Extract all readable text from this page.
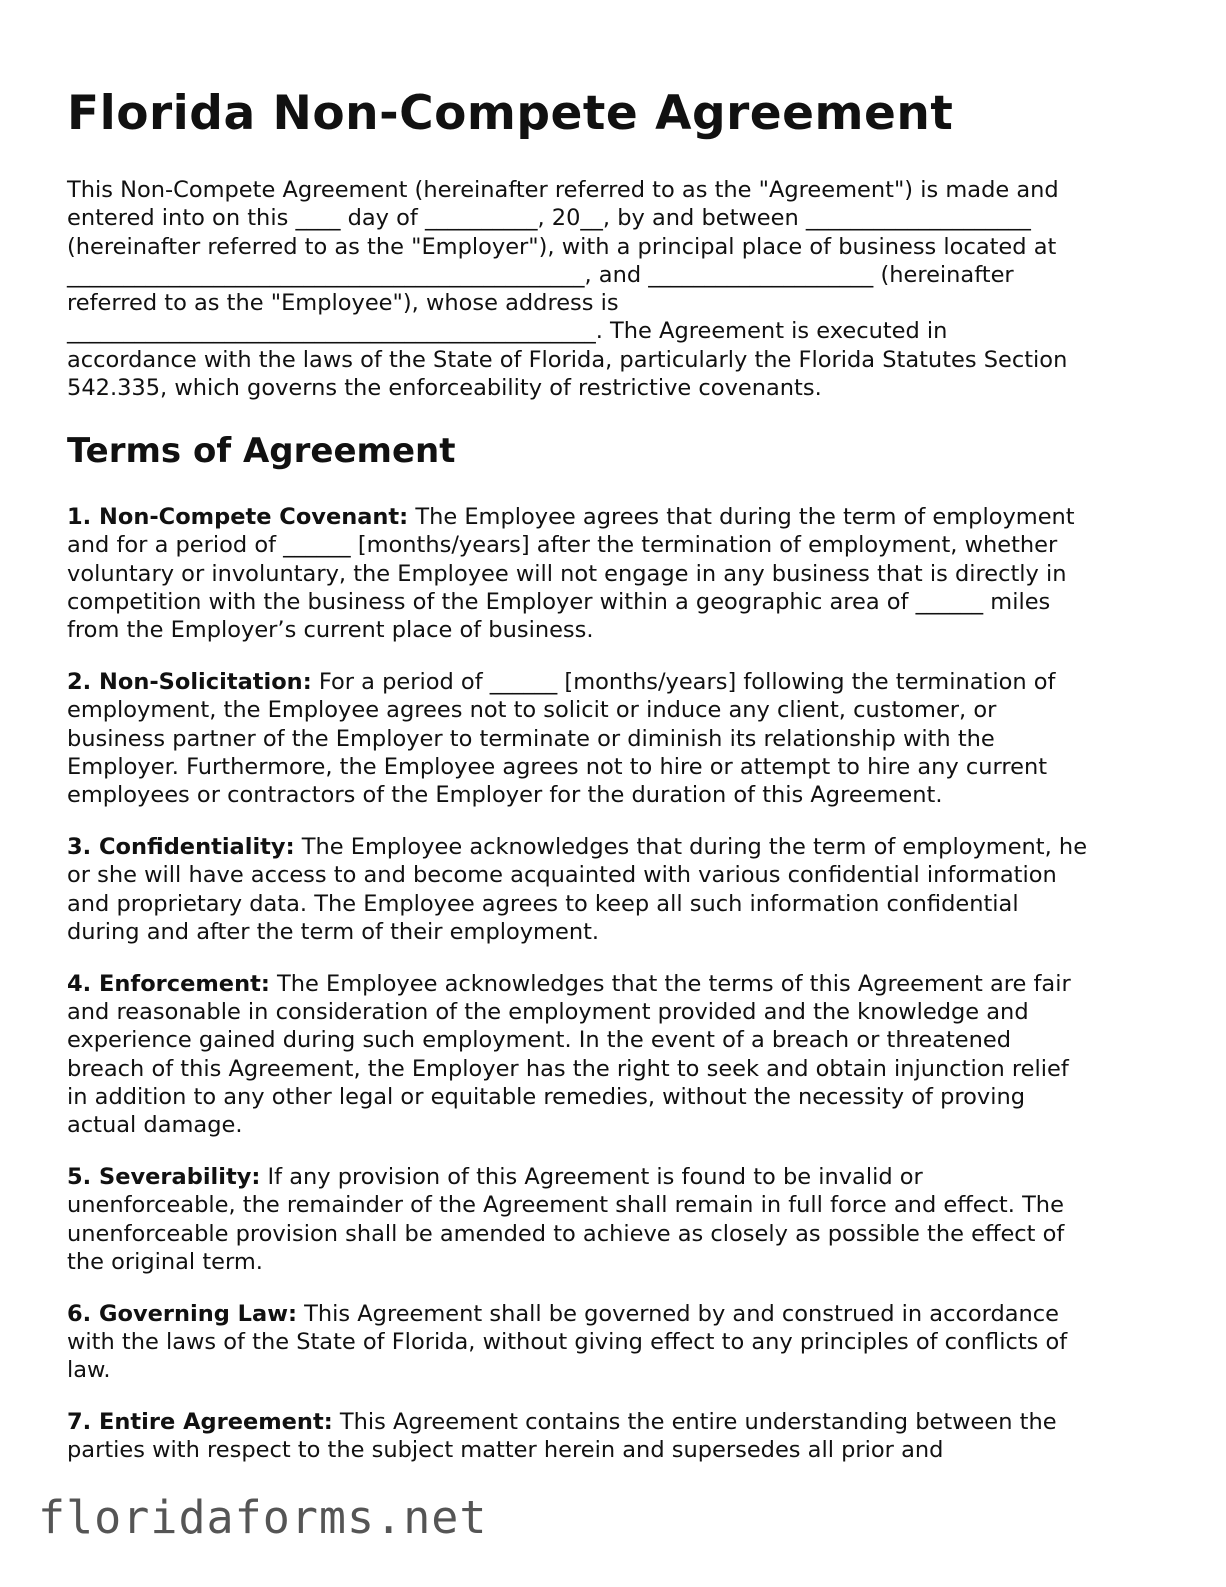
Florida Non-Compete Agreement

This Non-Compete Agreement (hereinafter referred to as the "Agreement") is made and
entered into on this ____ day of __________, 20__, by and between ____________________
(hereinafter referred to as the "Employer"), with a principal place of business located at
______________________________________________, and ____________________ (hereinafter
referred to as the "Employee"), whose address is
_______________________________________________. The Agreement is executed in
accordance with the laws of the State of Florida, particularly the Florida Statutes Section
542.335, which governs the enforceability of restrictive covenants.

Terms of Agreement

1. Non-Compete Covenant: The Employee agrees that during the term of employment
and for a period of ______ [months/years] after the termination of employment, whether
voluntary or involuntary, the Employee will not engage in any business that is directly in
competition with the business of the Employer within a geographic area of ______ miles
from the Employer’s current place of business.

2. Non-Solicitation: For a period of ______ [months/years] following the termination of
employment, the Employee agrees not to solicit or induce any client, customer, or
business partner of the Employer to terminate or diminish its relationship with the
Employer. Furthermore, the Employee agrees not to hire or attempt to hire any current
employees or contractors of the Employer for the duration of this Agreement.

3. Confidentiality: The Employee acknowledges that during the term of employment, he
or she will have access to and become acquainted with various confidential information
and proprietary data. The Employee agrees to keep all such information confidential
during and after the term of their employment.

4. Enforcement: The Employee acknowledges that the terms of this Agreement are fair
and reasonable in consideration of the employment provided and the knowledge and
experience gained during such employment. In the event of a breach or threatened
breach of this Agreement, the Employer has the right to seek and obtain injunction relief
in addition to any other legal or equitable remedies, without the necessity of proving
actual damage.

5. Severability: If any provision of this Agreement is found to be invalid or
unenforceable, the remainder of the Agreement shall remain in full force and effect. The
unenforceable provision shall be amended to achieve as closely as possible the effect of
the original term.

6. Governing Law: This Agreement shall be governed by and construed in accordance
with the laws of the State of Florida, without giving effect to any principles of conflicts of
law.

7. Entire Agreement: This Agreement contains the entire understanding between the
parties with respect to the subject matter herein and supersedes all prior and

floridaforms.net
